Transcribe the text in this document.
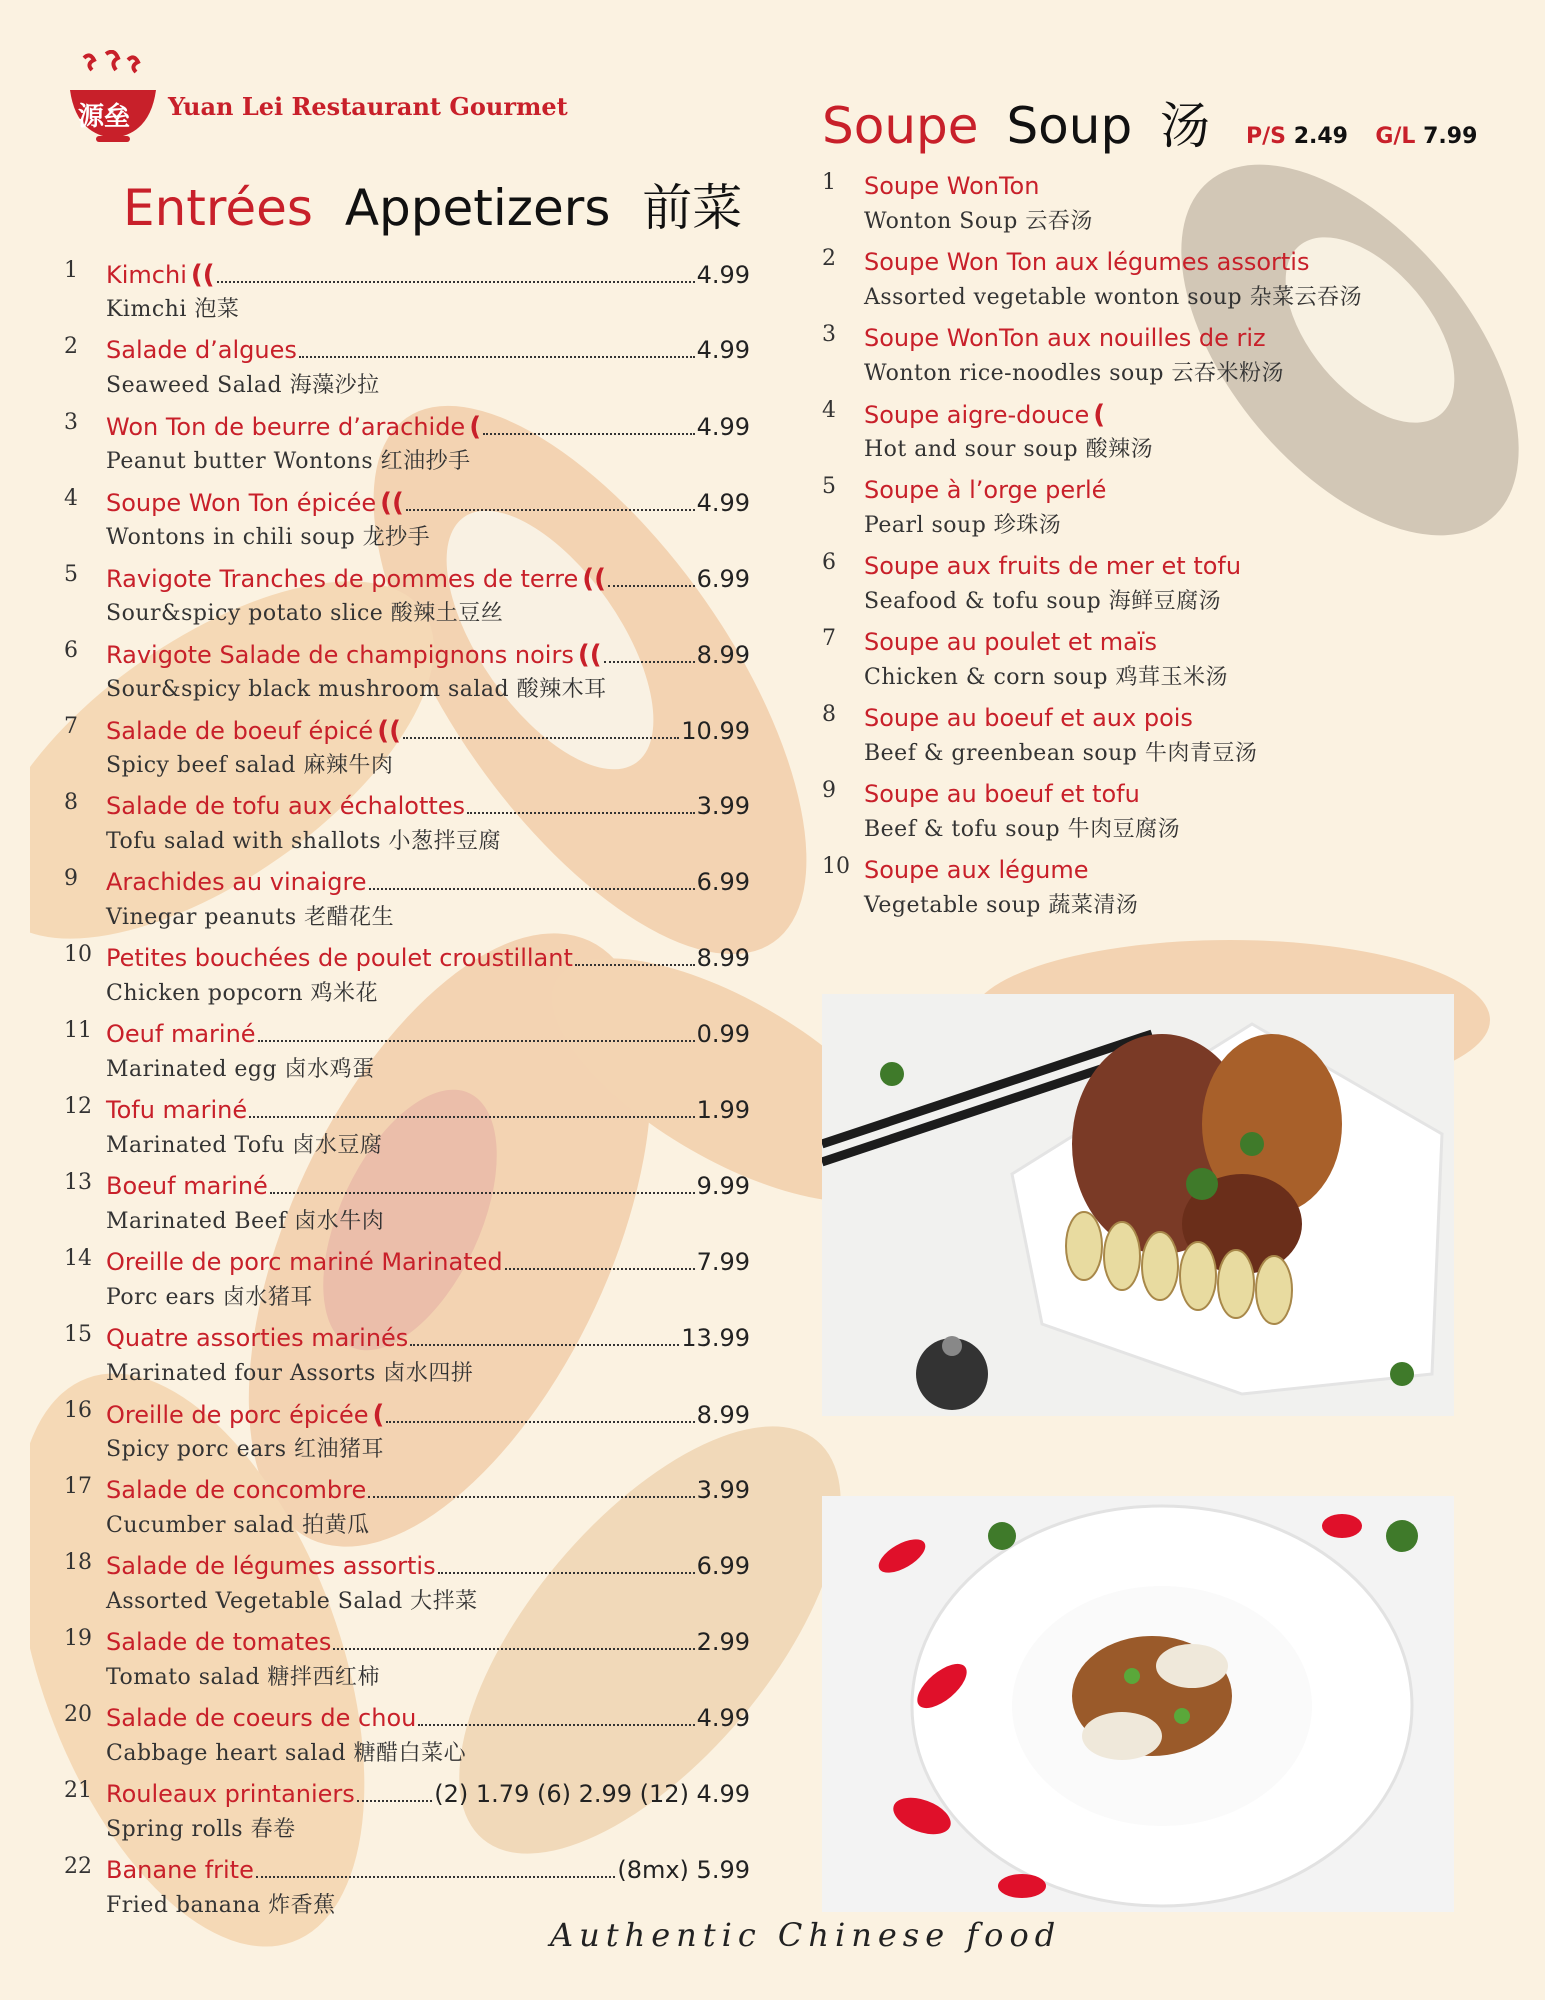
源垒 Yuan Lei Restaurant Gourmet
Entrées Appetizers 前菜
Soupe Soup 汤 P/S 2.49 G/L 7.99
1 Kimchi ((	4.99
Kimchi 泡菜
2 Salade d’algues	4.99
Seaweed Salad 海藻沙拉
3 Won Ton de beurre d’arachide (	4.99
Peanut butter Wontons 红油抄手
4 Soupe Won Ton épicée ((	4.99
Wontons in chili soup 龙抄手
5 Ravigote Tranches de pommes de terre ((	6.99
Sour&spicy potato slice 酸辣土豆丝
6 Ravigote Salade de champignons noirs ((	8.99
Sour&spicy black mushroom salad 酸辣木耳
7 Salade de boeuf épicé ((	10.99
Spicy beef salad 麻辣牛肉
8 Salade de tofu aux échalottes	3.99
Tofu salad with shallots 小葱拌豆腐
9 Arachides au vinaigre	6.99
Vinegar peanuts 老醋花生
10 Petites bouchées de poulet croustillant	8.99
Chicken popcorn 鸡米花
11 Oeuf mariné	0.99
Marinated egg 卤水鸡蛋
12 Tofu mariné	1.99
Marinated Tofu 卤水豆腐
13 Boeuf mariné	9.99
Marinated Beef 卤水牛肉
14 Oreille de porc mariné Marinated	7.99
Porc ears 卤水猪耳
15 Quatre assorties marinés	13.99
Marinated four Assorts 卤水四拼
16 Oreille de porc épicée (	8.99
Spicy porc ears 红油猪耳
17 Salade de concombre	3.99
Cucumber salad 拍黄瓜
18 Salade de légumes assortis	6.99
Assorted Vegetable Salad 大拌菜
19 Salade de tomates	2.99
Tomato salad 糖拌西红柿
20 Salade de coeurs de chou	4.99
Cabbage heart salad 糖醋白菜心
21 Rouleaux printaniers	(2) 1.79 (6) 2.99 (12) 4.99
Spring rolls 春卷
22 Banane frite	(8mx) 5.99
Fried banana 炸香蕉
1 Soupe WonTon
Wonton Soup 云吞汤
2 Soupe Won Ton aux légumes assortis
Assorted vegetable wonton soup 杂菜云吞汤
3 Soupe WonTon aux nouilles de riz
Wonton rice-noodles soup 云吞米粉汤
4 Soupe aigre-douce (
Hot and sour soup 酸辣汤
5 Soupe à l’orge perlé
Pearl soup 珍珠汤
6 Soupe aux fruits de mer et tofu
Seafood & tofu soup 海鲜豆腐汤
7 Soupe au poulet et maïs
Chicken & corn soup 鸡茸玉米汤
8 Soupe au boeuf et aux pois
Beef & greenbean soup 牛肉青豆汤
9 Soupe au boeuf et tofu
Beef & tofu soup 牛肉豆腐汤
10 Soupe aux légume
Vegetable soup 蔬菜清汤
Authentic Chinese food
